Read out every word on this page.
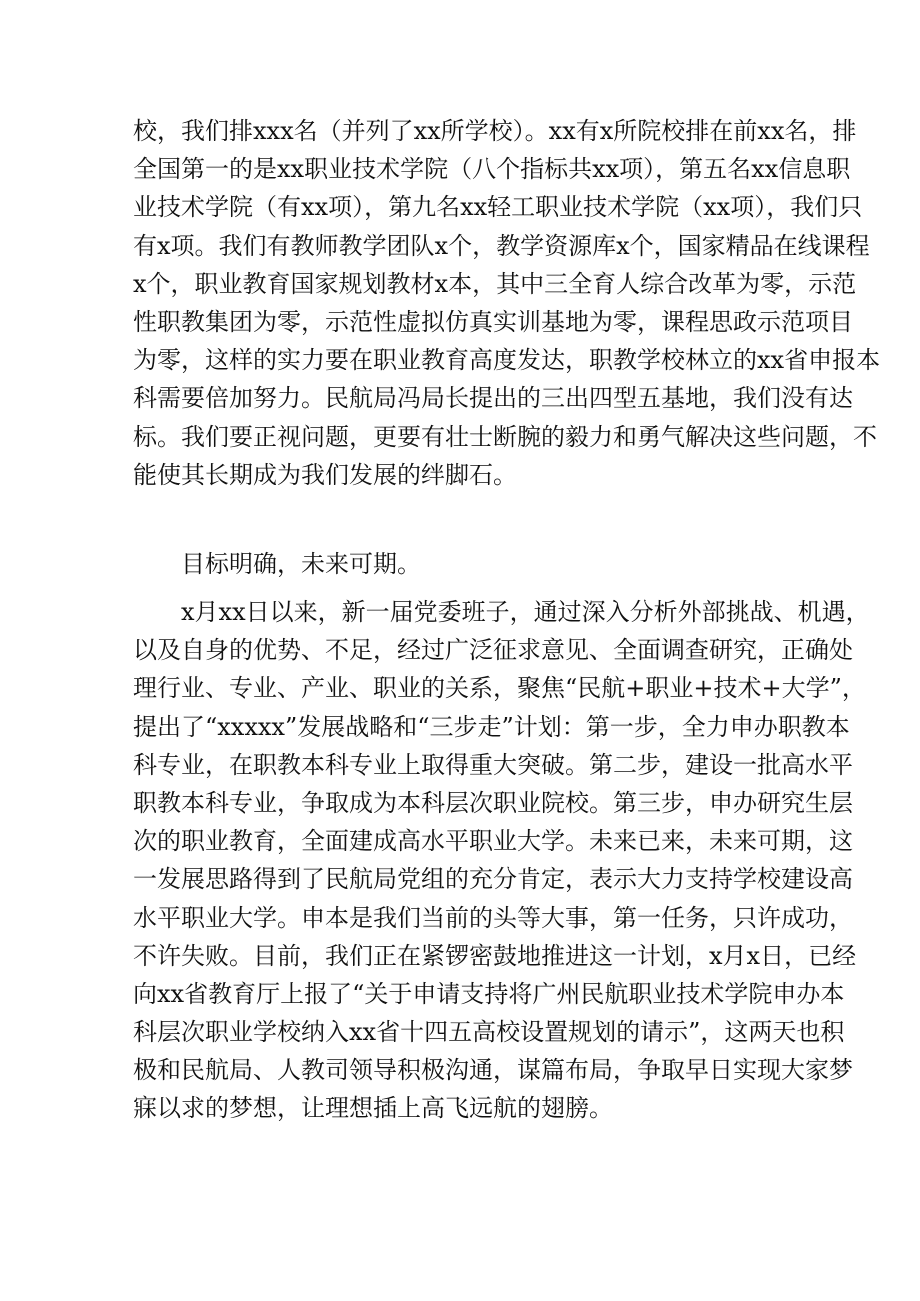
校，我们排xxx名（并列了xx所学校）。xx有x所院校排在前xx名，排
全国第一的是xx职业技术学院（八个指标共xx项），第五名xx信息职
业技术学院（有xx项），第九名xx轻工职业技术学院（xx项），我们只
有x项。我们有教师教学团队x个，教学资源库x个，国家精品在线课程
x个，职业教育国家规划教材x本，其中三全育人综合改革为零，示范
性职教集团为零，示范性虚拟仿真实训基地为零，课程思政示范项目
为零，这样的实力要在职业教育高度发达，职教学校林立的xx省申报本
科需要倍加努力。民航局冯局长提出的三出四型五基地，我们没有达
标。我们要正视问题，更要有壮士断腕的毅力和勇气解决这些问题，不
能使其长期成为我们发展的绊脚石。
目标明确，未来可期。
x月xx日以来，新一届党委班子，通过深入分析外部挑战、机遇，
以及自身的优势、不足，经过广泛征求意见、全面调查研究，正确处
理行业、专业、产业、职业的关系，聚焦“民航+职业+技术+大学”，
提出了“xxxxx”发展战略和“三步走”计划：第一步，全力申办职教本
科专业，在职教本科专业上取得重大突破。第二步，建设一批高水平
职教本科专业，争取成为本科层次职业院校。第三步，申办研究生层
次的职业教育，全面建成高水平职业大学。未来已来，未来可期，这
一发展思路得到了民航局党组的充分肯定，表示大力支持学校建设高
水平职业大学。申本是我们当前的头等大事，第一任务，只许成功，
不许失败。目前，我们正在紧锣密鼓地推进这一计划，x月x日，已经
向xx省教育厅上报了“关于申请支持将广州民航职业技术学院申办本
科层次职业学校纳入xx省十四五高校设置规划的请示”，这两天也积
极和民航局、人教司领导积极沟通，谋篇布局，争取早日实现大家梦
寐以求的梦想，让理想插上高飞远航的翅膀。
